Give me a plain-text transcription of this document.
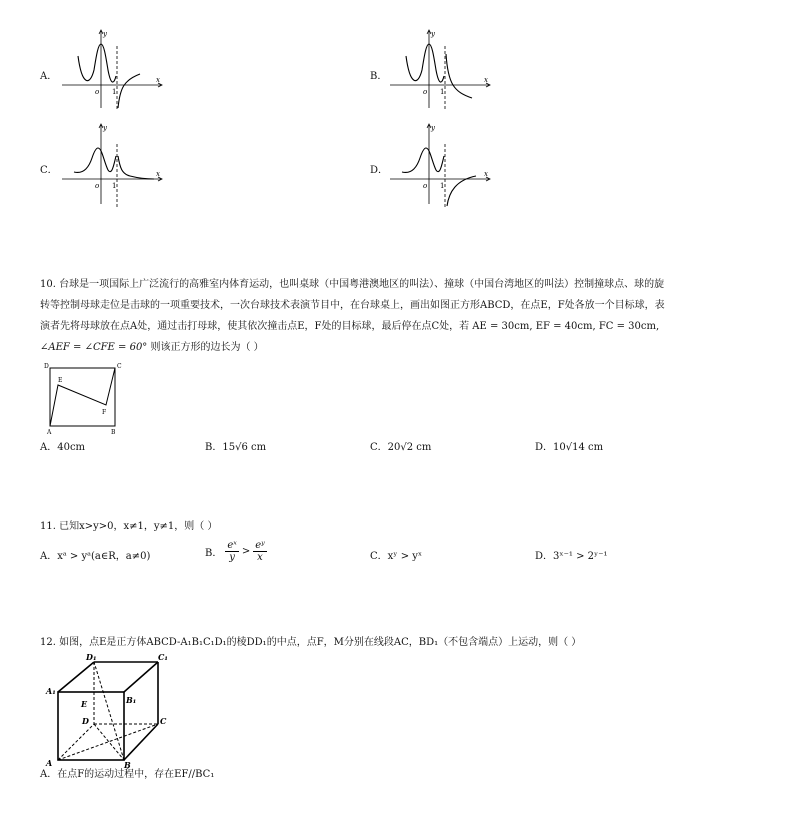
A．	B．
C．	D．
y
x
o 1
y
x
o 1
y
x
o 1
y
x
o 1
10. 台球是一项国际上广泛流行的高雅室内体育运动，也叫桌球（中国粤港澳地区的叫法）、撞球（中国台湾地区的叫法）控制撞球点、球的旋
转等控制母球走位是击球的一项重要技术，一次台球技术表演节目中，在台球桌上，画出如图正方形ABCD，在点E，F处各放一个目标球，表
演者先将母球放在点A处，通过击打母球，使其依次撞击点E，F处的目标球，最后停在点C处，若 AE = 30cm, EF = 40cm, FC = 30cm,
∠AEF = ∠CFE = 60° 则该正方形的边长为（ ）
D	C
E
F
A	B
A．40cm	B．15√6 cm	C．20√2 cm	D．10√14 cm
11. 已知x>y>0，x≠1，y≠1，则（ ）
A．xᵃ > yᵃ(a∈R，a≠0)	B．
eˣ
y
>
eʸ
x	C．xʸ > yˣ	D．3ˣ⁻¹ > 2ʸ⁻¹
12. 如图，点E是正方体ABCD-A₁B₁C₁D₁的棱DD₁的中点，点F，M分别在线段AC，BD₁（不包含端点）上运动，则（ ）
D₁	C₁
A₁
B₁
E
D	C
A	B
A．在点F的运动过程中，存在EF//BC₁
